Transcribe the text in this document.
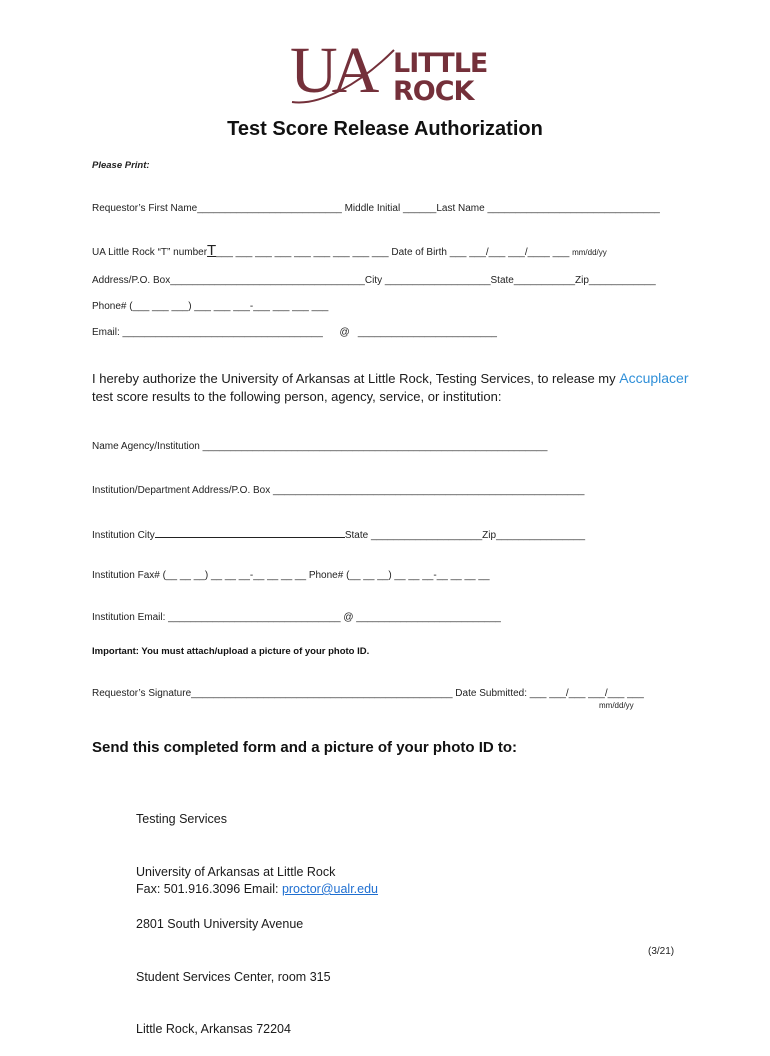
UA LITTLE
ROCK
Test Score Release Authorization
Please Print:
Requestor’s First Name__________________________ Middle Initial ______Last Name _______________________________
UA Little Rock “T” numberT___ ___ ___ ___ ___ ___ ___ ___ ___ Date of Birth ___ ___/___ ___/____ ___ mm/dd/yy
Address/P.O. Box___________________________________City ___________________State___________Zip____________
Phone# (___ ___ ___) ___ ___ ___-___ ___ ___ ___
Email: ____________________________________      @   _________________________
I hereby authorize the University of Arkansas at Little Rock, Testing Services, to release my Accuplacer
test score results to the following person, agency, service, or institution:
Name Agency/Institution ______________________________________________________________
Institution/Department Address/P.O. Box ________________________________________________________
Institution City	State ____________________Zip________________
Institution Fax# (__ __ __) __ __ __-__ __ __ __ Phone# (__ __ __) __ __ __-__ __ __ __
Institution Email: _______________________________ @ __________________________
Important: You must attach/upload a picture of your photo ID.
Requestor’s Signature_______________________________________________ Date Submitted: ___ ___/___ ___/___ ___
mm/dd/yy
Send this completed form and a picture of your photo ID to:

Testing Services

University of Arkansas at Little Rock

2801 South University Avenue

Student Services Center, room 315

Little Rock, Arkansas 72204

Fax: 501.916.3096 Email: proctor@ualr.edu
(3/21)
